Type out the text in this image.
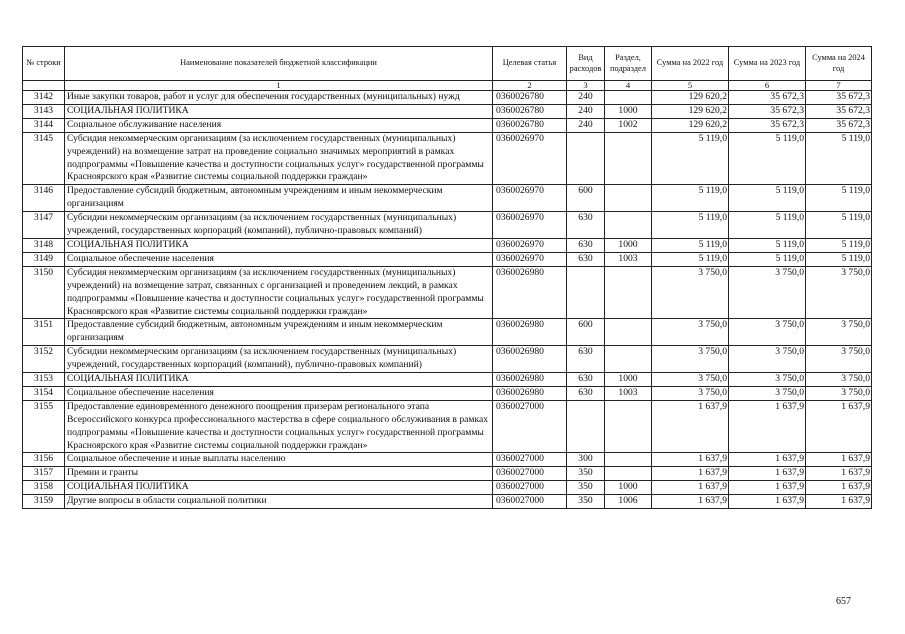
№ строки	Наименование показателей бюджетной классификации	Целевая статья	Вид расходов	Раздел, подраздел	Сумма на 2022 год	Сумма на 2023 год	Сумма на 2024 год
	1	2	3	4	5	6	7
3142	Иные закупки товаров, работ и услуг для обеспечения государственных (муниципальных) нужд	0360026780	240		129 620,2	35 672,3	35 672,3
3143	СОЦИАЛЬНАЯ ПОЛИТИКА	0360026780	240	1000	129 620,2	35 672,3	35 672,3
3144	Социальное обслуживание населения	0360026780	240	1002	129 620,2	35 672,3	35 672,3
3145	Субсидия некоммерческим организациям (за исключением государственных (муниципальных) учреждений) на возмещение затрат на проведение социально значимых мероприятий в рамках подпрограммы «Повышение качества и доступности социальных услуг» государственной программы Красноярского края «Развитие системы социальной поддержки граждан»	0360026970			5 119,0	5 119,0	5 119,0
3146	Предоставление субсидий бюджетным, автономным учреждениям и иным некоммерческим организациям	0360026970	600		5 119,0	5 119,0	5 119,0
3147	Субсидии некоммерческим организациям (за исключением государственных (муниципальных) учреждений, государственных корпораций (компаний), публично-правовых компаний)	0360026970	630		5 119,0	5 119,0	5 119,0
3148	СОЦИАЛЬНАЯ ПОЛИТИКА	0360026970	630	1000	5 119,0	5 119,0	5 119,0
3149	Социальное обеспечение населения	0360026970	630	1003	5 119,0	5 119,0	5 119,0
3150	Субсидия некоммерческим организациям (за исключением государственных (муниципальных) учреждений) на возмещение затрат, связанных с организацией и проведением лекций, в рамках подпрограммы «Повышение качества и доступности социальных услуг» государственной программы Красноярского края «Развитие системы социальной поддержки граждан»	0360026980			3 750,0	3 750,0	3 750,0
3151	Предоставление субсидий бюджетным, автономным учреждениям и иным некоммерческим организациям	0360026980	600		3 750,0	3 750,0	3 750,0
3152	Субсидии некоммерческим организациям (за исключением государственных (муниципальных) учреждений, государственных корпораций (компаний), публично-правовых компаний)	0360026980	630		3 750,0	3 750,0	3 750,0
3153	СОЦИАЛЬНАЯ ПОЛИТИКА	0360026980	630	1000	3 750,0	3 750,0	3 750,0
3154	Социальное обеспечение населения	0360026980	630	1003	3 750,0	3 750,0	3 750,0
3155	Предоставление единовременного денежного поощрения призерам регионального этапа Всероссийского конкурса профессионального мастерства в сфере социального обслуживания в рамках подпрограммы «Повышение качества и доступности социальных услуг» государственной программы Красноярского края «Развитие системы социальной поддержки граждан»	0360027000			1 637,9	1 637,9	1 637,9
3156	Социальное обеспечение и иные выплаты населению	0360027000	300		1 637,9	1 637,9	1 637,9
3157	Премии и гранты	0360027000	350		1 637,9	1 637,9	1 637,9
3158	СОЦИАЛЬНАЯ ПОЛИТИКА	0360027000	350	1000	1 637,9	1 637,9	1 637,9
3159	Другие вопросы в области социальной политики	0360027000	350	1006	1 637,9	1 637,9	1 637,9
657
